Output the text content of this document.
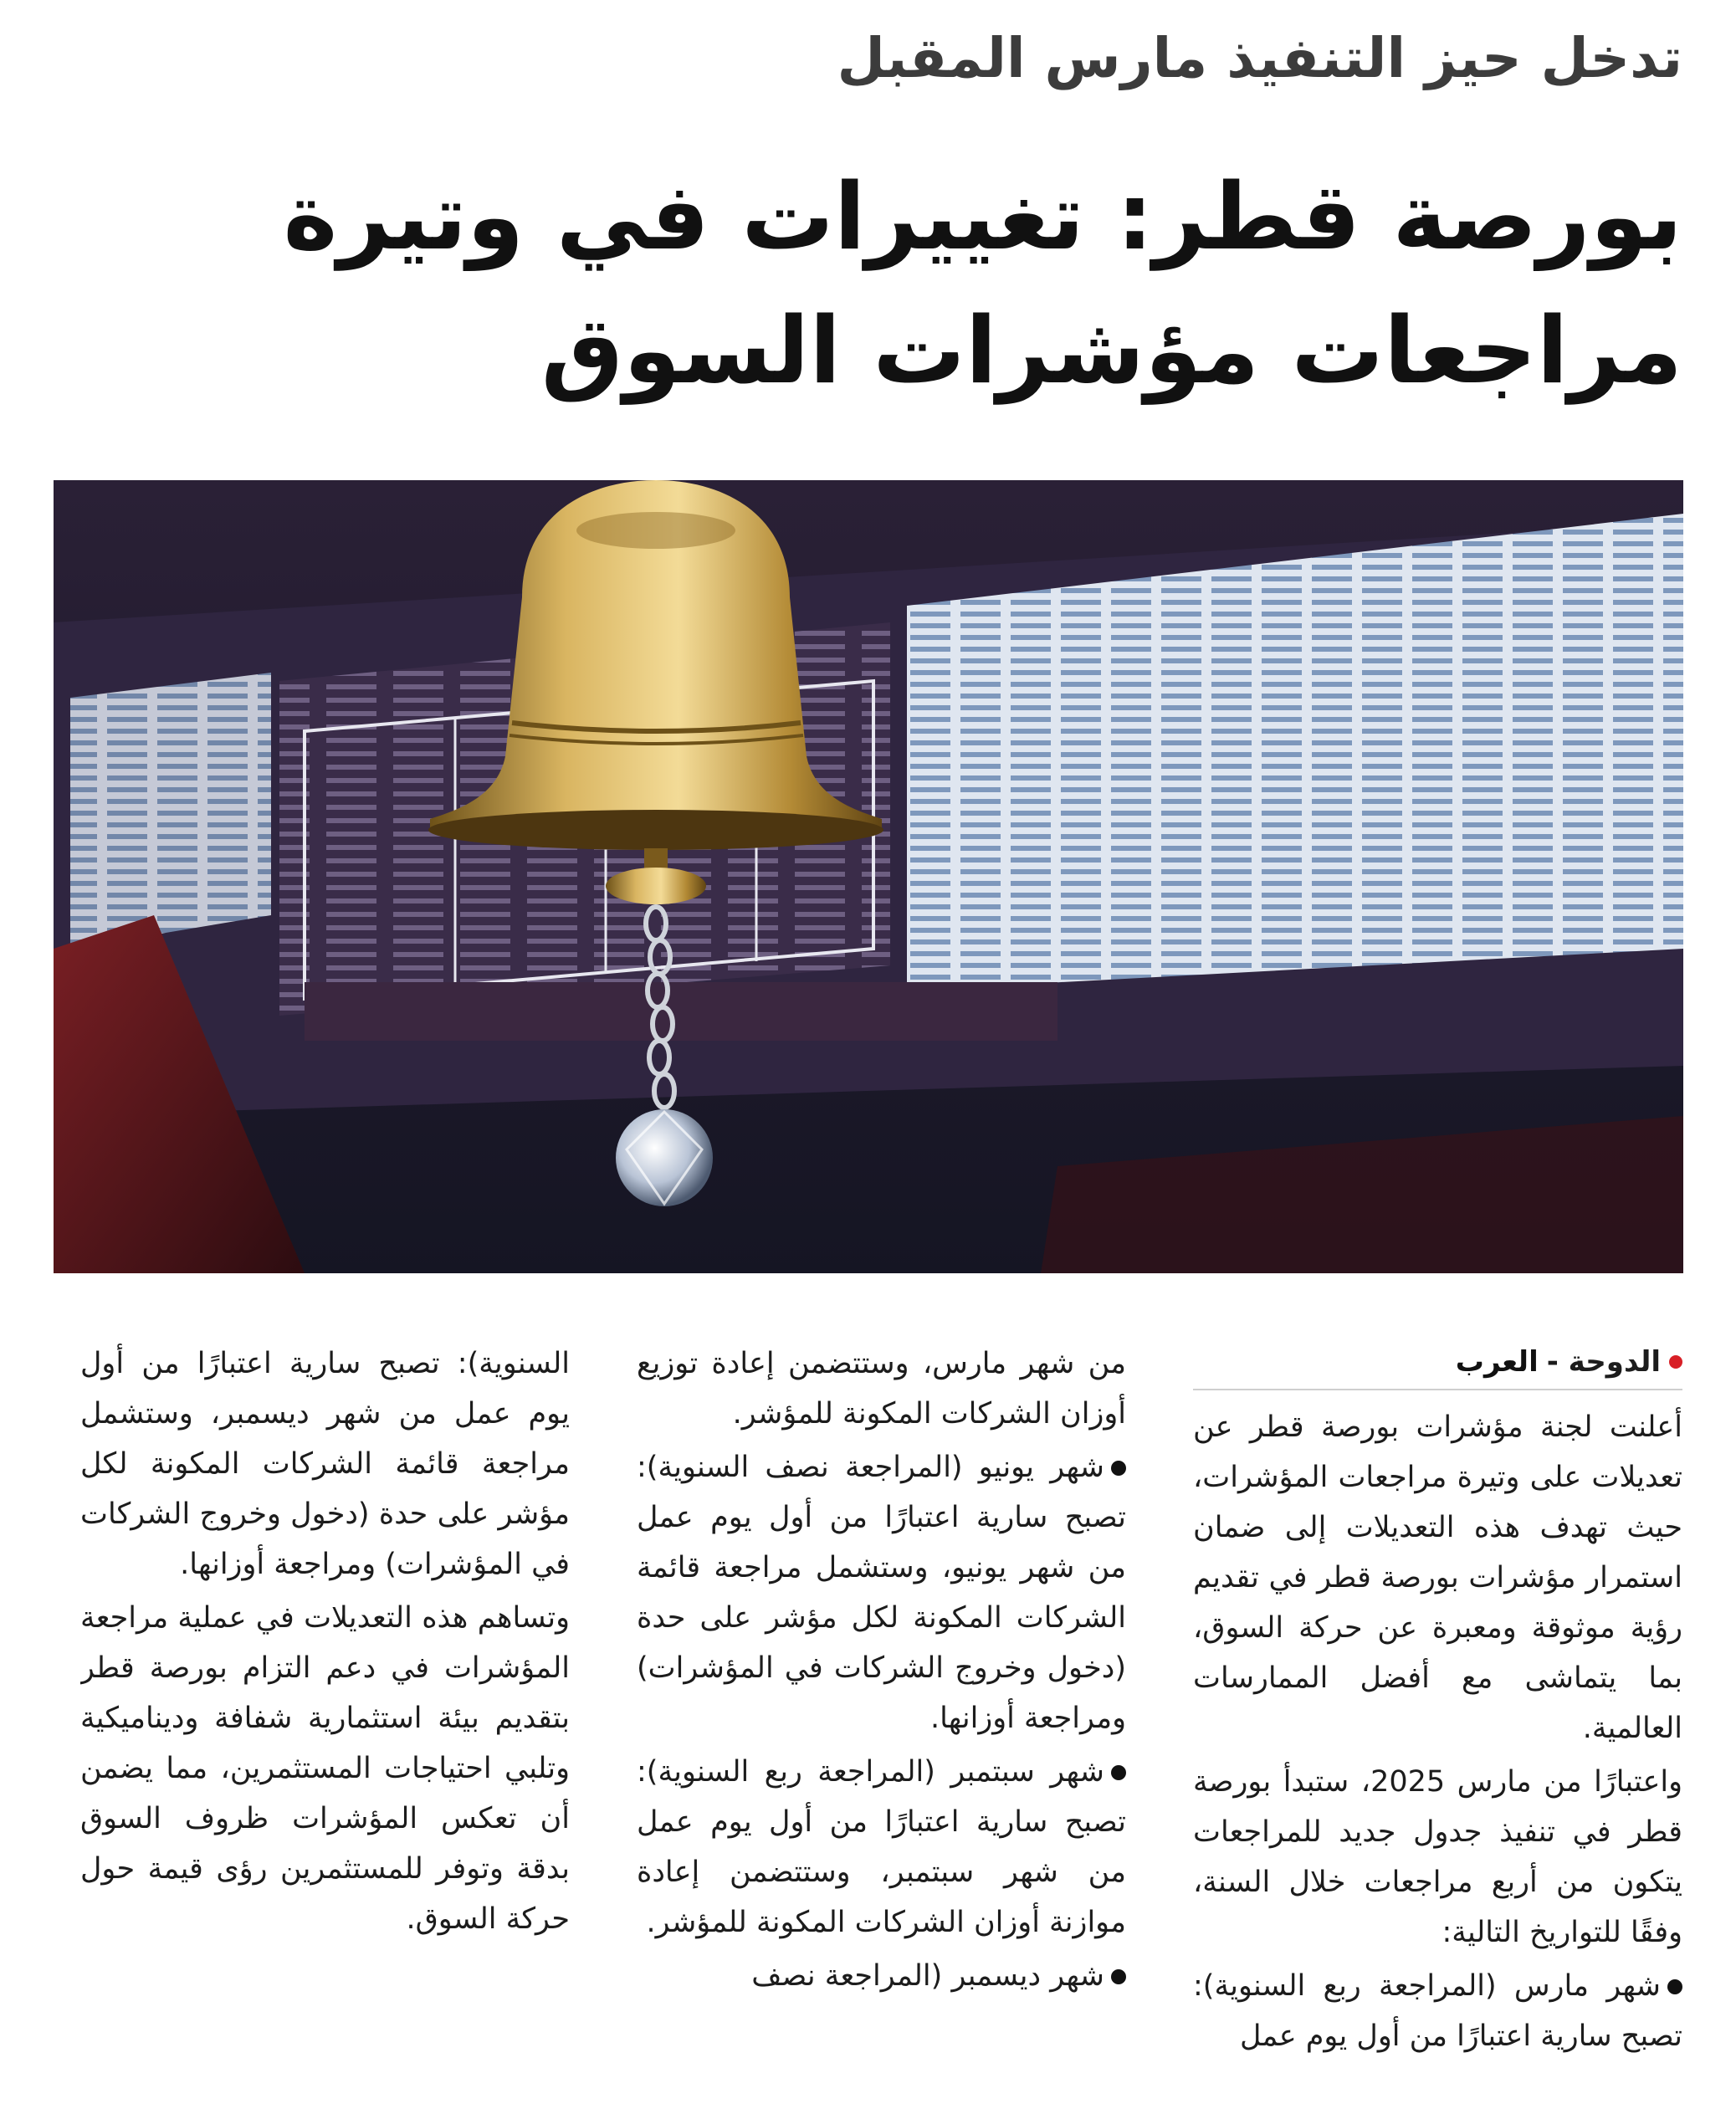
تدخل حيز التنفيذ مارس المقبل
بورصة قطر: تغييرات في وتيرة مراجعات مؤشرات السوق
الدوحة -
العرب

أعلنت لجنة مؤشرات بورصة قطر عن تعديلات على وتيرة مراجعات المؤشرات، حيث تهدف هذه التعديلات إلى ضمان استمرار مؤشرات بورصة قطر في تقديم رؤية موثوقة ومعبرة عن حركة السوق، بما يتماشى مع أفضل الممارسات العالمية.

واعتبارًا من مارس 2025، ستبدأ بورصة قطر في تنفيذ جدول جديد للمراجعات يتكون من أربع مراجعات خلال السنة، وفقًا للتواريخ التالية:

شهر مارس (المراجعة ربع السنوية): تصبح سارية اعتبارًا من أول يوم عمل

من شهر مارس، وستتضمن إعادة توزيع أوزان الشركات المكونة للمؤشر.

شهر يونيو (المراجعة نصف السنوية): تصبح سارية اعتبارًا من أول يوم عمل من شهر يونيو، وستشمل مراجعة قائمة الشركات المكونة لكل مؤشر على حدة (دخول وخروج الشركات في المؤشرات) ومراجعة أوزانها.

شهر سبتمبر (المراجعة ربع السنوية): تصبح سارية اعتبارًا من أول يوم عمل من شهر سبتمبر، وستتضمن إعادة موازنة أوزان الشركات المكونة للمؤشر.

شهر ديسمبر (المراجعة نصف

السنوية): تصبح سارية اعتبارًا من أول يوم عمل من شهر ديسمبر، وستشمل مراجعة قائمة الشركات المكونة لكل مؤشر على حدة (دخول وخروج الشركات في المؤشرات) ومراجعة أوزانها.

وتساهم هذه التعديلات في عملية مراجعة المؤشرات في دعم التزام بورصة قطر بتقديم بيئة استثمارية شفافة وديناميكية وتلبي احتياجات المستثمرين، مما يضمن أن تعكس المؤشرات ظروف السوق بدقة وتوفر للمستثمرين رؤى قيمة حول حركة السوق.
